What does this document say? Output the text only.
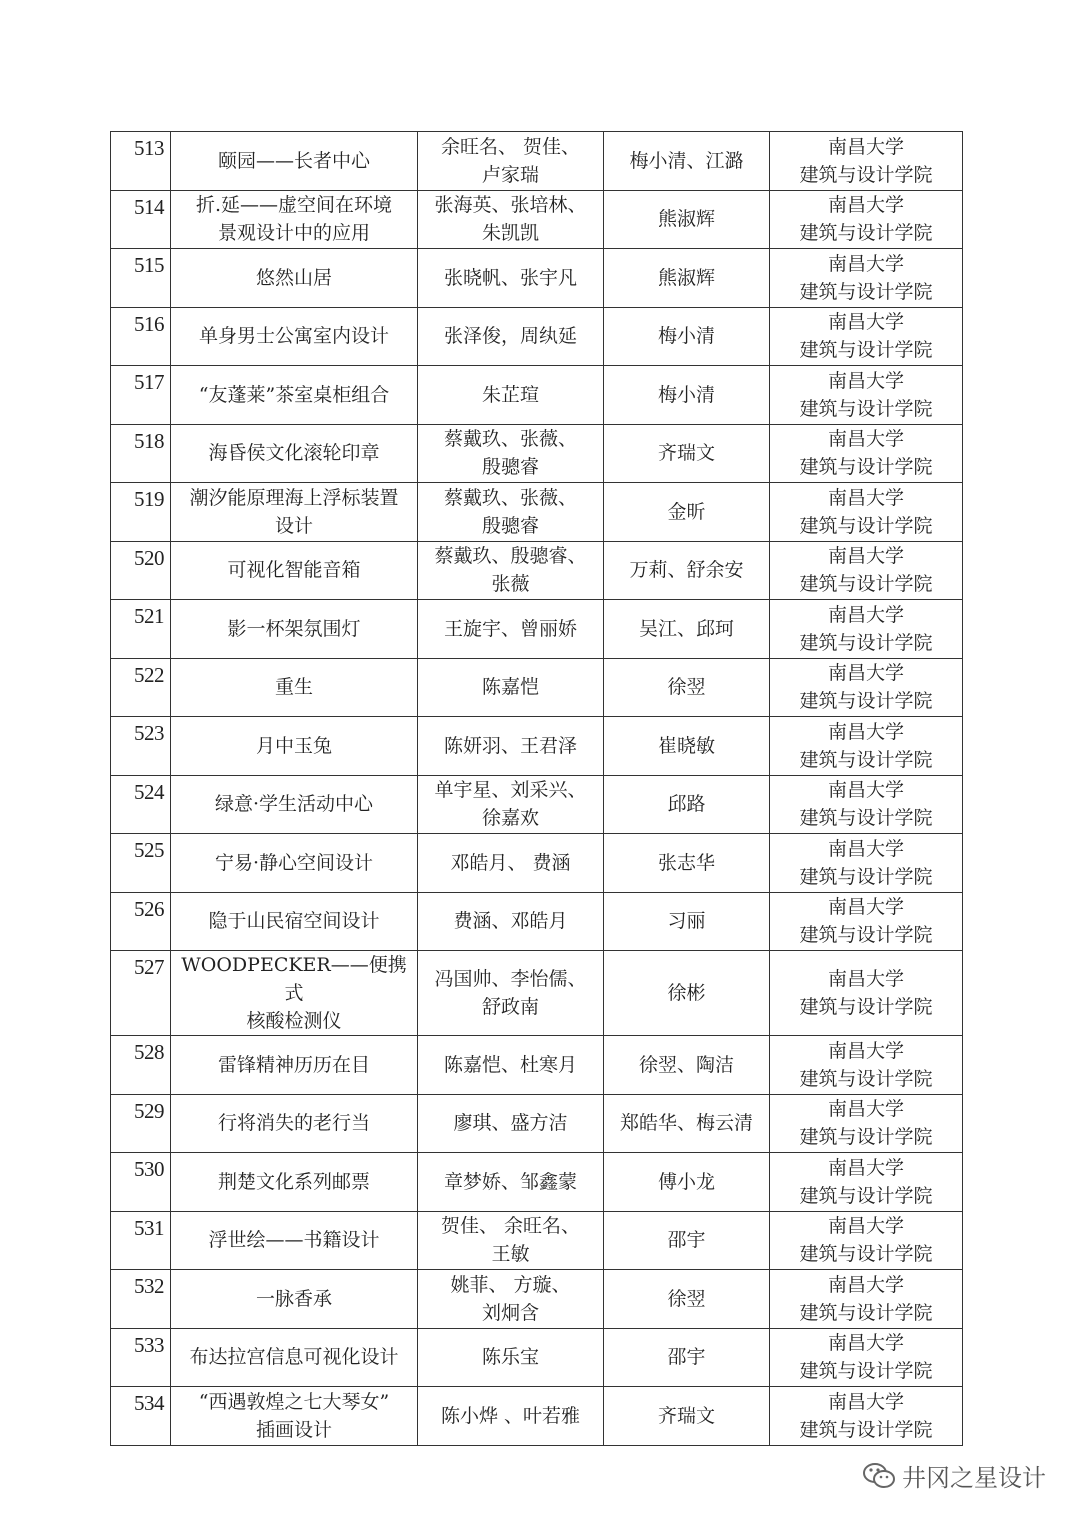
513	颐园——长者中心	余旺名、 贺佳、
卢家瑞	梅小清、江潞	南昌大学
建筑与设计学院

514	折.延——虚空间在环境
景观设计中的应用	张海英、张培林、
朱凯凯	熊淑辉	南昌大学
建筑与设计学院

515	悠然山居	张晓帆、张宇凡	熊淑辉	南昌大学
建筑与设计学院

516	单身男士公寓室内设计	张泽俊，周纨延	梅小清	南昌大学
建筑与设计学院

517	“友蓬莱”茶室桌柜组合	朱芷瑄	梅小清	南昌大学
建筑与设计学院

518	海昏侯文化滚轮印章	蔡戴玖、张薇、
殷骢睿	齐瑞文	南昌大学
建筑与设计学院

519	潮汐能原理海上浮标装置
设计	蔡戴玖、张薇、
殷骢睿	金昕	南昌大学
建筑与设计学院

520	可视化智能音箱	蔡戴玖、殷骢睿、
张薇	万莉、舒余安	南昌大学
建筑与设计学院

521	影一杯架氛围灯	王旋宇、曾丽娇	吴江、邱珂	南昌大学
建筑与设计学院

522	重生	陈嘉恺	徐翌	南昌大学
建筑与设计学院

523	月中玉兔	陈妍羽、王君泽	崔晓敏	南昌大学
建筑与设计学院

524	绿意·学生活动中心	单宇星、刘采兴、
徐嘉欢	邱路	南昌大学
建筑与设计学院

525	宁易·静心空间设计	邓皓月、 费涵	张志华	南昌大学
建筑与设计学院

526	隐于山民宿空间设计	费涵、邓皓月	习丽	南昌大学
建筑与设计学院

527	WOODPECKER——便携式
核酸检测仪	冯国帅、李怡儒、
舒政南	徐彬	南昌大学
建筑与设计学院

528	雷锋精神历历在目	陈嘉恺、杜寒月	徐翌、陶洁	南昌大学
建筑与设计学院

529	行将消失的老行当	廖琪、盛方洁	郑皓华、梅云清	南昌大学
建筑与设计学院

530	荆楚文化系列邮票	章梦娇、邹鑫蒙	傅小龙	南昌大学
建筑与设计学院

531	浮世绘——书籍设计	贺佳、 余旺名、
王敏	邵宇	南昌大学
建筑与设计学院

532	一脉香承	姚菲、 方璇、
刘炯含	徐翌	南昌大学
建筑与设计学院

533	布达拉宫信息可视化设计	陈乐宝	邵宇	南昌大学
建筑与设计学院

534	“西遇敦煌之七大琴女”
插画设计	陈小烨 、叶若雅	齐瑞文	南昌大学
建筑与设计学院
井冈之星设计
